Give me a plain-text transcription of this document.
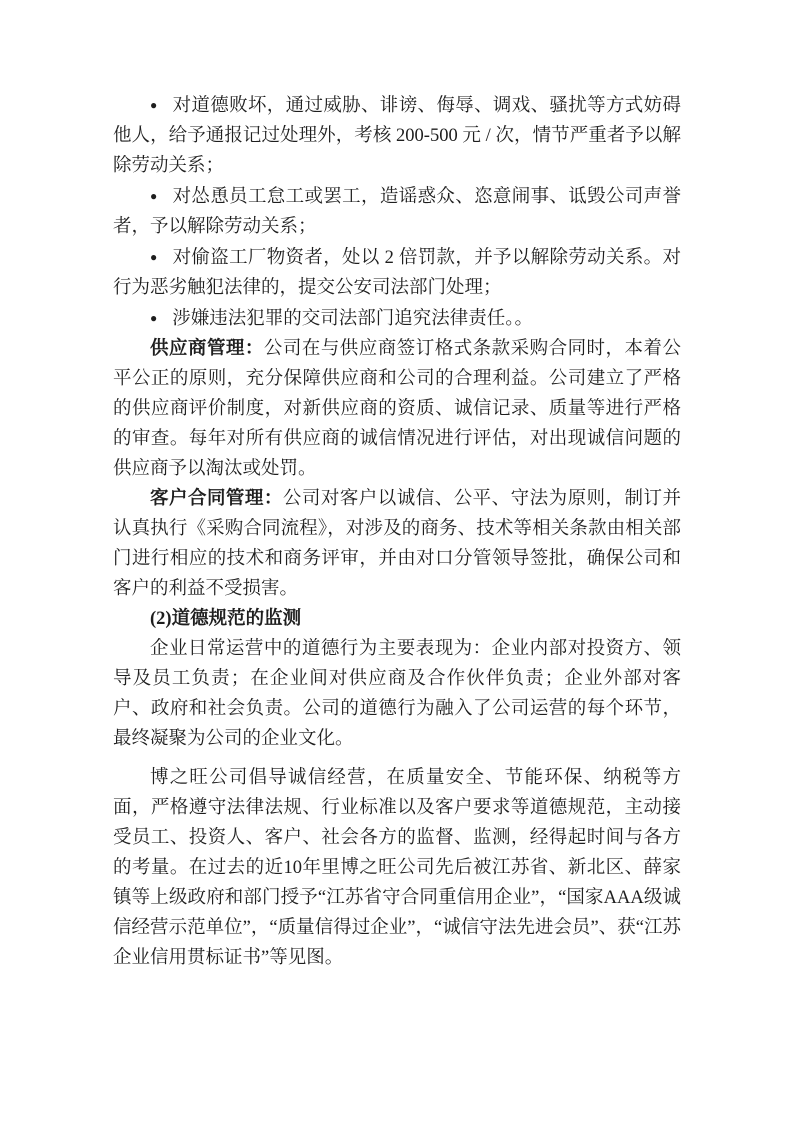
● 对道德败坏，通过威胁、诽谤、侮辱、调戏、骚扰等方式妨碍他人，给予通报记过处理外，考核 200-500 元 / 次，情节严重者予以解除劳动关系；

● 对怂恿员工怠工或罢工，造谣惑众、恣意闹事、诋毁公司声誉者，予以解除劳动关系；

● 对偷盗工厂物资者，处以 2 倍罚款，并予以解除劳动关系。对行为恶劣触犯法律的，提交公安司法部门处理；

● 涉嫌违法犯罪的交司法部门追究法律责任。。

供应商管理：公司在与供应商签订格式条款采购合同时，本着公平公正的原则，充分保障供应商和公司的合理利益。公司建立了严格的供应商评价制度，对新供应商的资质、诚信记录、质量等进行严格的审查。每年对所有供应商的诚信情况进行评估，对出现诚信问题的供应商予以淘汰或处罚。

客户合同管理：公司对客户以诚信、公平、守法为原则，制订并认真执行《采购合同流程》，对涉及的商务、技术等相关条款由相关部门进行相应的技术和商务评审，并由对口分管领导签批，确保公司和客户的利益不受损害。

(2)道德规范的监测

企业日常运营中的道德行为主要表现为：企业内部对投资方、领导及员工负责；在企业间对供应商及合作伙伴负责；企业外部对客户、政府和社会负责。公司的道德行为融入了公司运营的每个环节，最终凝聚为公司的企业文化。

博之旺公司倡导诚信经营，在质量安全、节能环保、纳税等方面，严格遵守法律法规、行业标准以及客户要求等道德规范，主动接受员工、投资人、客户、社会各方的监督、监测，经得起时间与各方的考量。在过去的近10年里博之旺公司先后被江苏省、新北区、薛家镇等上级政府和部门授予“江苏省守合同重信用企业”，“国家AAA级诚信经营示范单位”，“质量信得过企业”，“诚信守法先进会员”、获“江苏企业信用贯标证书”等见图。
